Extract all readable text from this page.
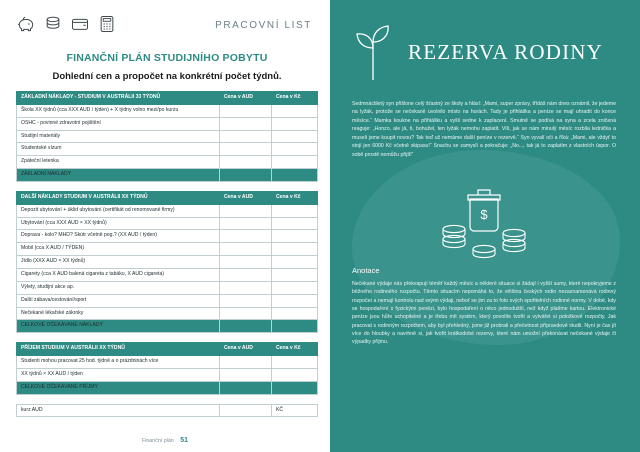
PRACOVNÍ LIST
FINANČNÍ PLÁN STUDIJNÍHO POBYTU
Dohlední cen a propočet na konkrétní počet týdnů.
ZÁKLADNÍ NÁKLADY - STUDIUM V AUSTRÁLII 33 TÝDNŮ	Cena v AUD	Cena v Kč
Škola XX týdnů (cca XXX AUD / týden) + X týdny volno mezi/po kurzu		
OSHC - povinné zdravotní pojištění		
Studijní materiály		
Studentské vízum		
Zpáteční letenka		
ZÁKLADNÍ NÁKLADY		
DALŠÍ NÁKLADY STUDIUM V AUSTRÁLII XX TÝDNŮ	Cena v AUD	Cena v Kč
Depozit ubytování + úklid ubytování (certifikát od renomované firmy)		
Ubytování (cca XXX AUD × XX týdnů)		
Doprava - kolo? MHD? Skútr včetně pog.? (XX AUD / týden)		
Mobil (cca X AUD / TÝDEN)		
Jídlo (XXX AUD × XX týdnů)		
Cigarety (cca X AUD balená cigareta z tabáku, X AUD cigaretа)		
Výlety, studijní akce ap.		
Další zábava/cestování/sport		
Nečekané lékařské zákroky		
CELKOVÉ OČEKÁVANÉ NÁKLADY		
PŘÍJEM STUDIUM V AUSTRÁLII XX TÝDNŮ	Cena v AUD	Cena v Kč
Studenti mohou pracovat 25 hod. týdně a o prázdninách více		
XX týdnů × XX AUD / týden		
CELKOVÉ OČEKÁVANÉ PŘÍJMY		
kurz AUD		KČ
Finanční plán 51
REZERVA RODINY
Sedmnáctiletý syn přišlone celý šťastný ze školy a hlásí: „Mami, super zprávy, třídáš nám dnes oznámil, že jedeme na lyžák, protože se nečekaně uvolnilo místo na horách. Tady je přihláška a peníze se mají uhradit do konce měsíce.“ Mamka koukne na přihlášku a vyšli sedne k zaplacení. Smutně se podívá na syna a zcela zničená reaguje: „Honzo, ale já, ti, bohužel, ten lyžák nemohu zaplatit. Víš, jak se nám minulý měsíc rozbila lednička a museli jsme koupit novou? Tak teď už nemáme další peníze v rezervě.“ Syn vyvalí oči a říká: „Mami, ale vždyť to stojí jen 6000 Kč včetně skipasu!“ Snachu se zamyslí a pokračuje: „No..., tak já to zaplatím z vlastních úspor. O sobě prostě nemůžu přijít!“
$
Anotace
Nečekané výdaje nás překvapují téměř každý měsíc a některé situace si žádají i vyšší sumy, které nepokryjeme z běžného rodinného rozpočtu. Těmto situacím nepomáhá to, že většina českých rodin nezaznamenává rodinný rozpočet a nemají kontrolu nad svými výdaji, neboť se jim za to foto svých spořitelních rodinné normy. V době, kdy se hospodaření s fyzickými penězi, bylo hospodaření o něco jednodušší, než když platíme kartou. Elektronické peníze jsou hůře uchopitelné a je třeba mít systém, který povolíte tvořit a vytvářet si položkové rozpočty. Jak pracovat s rodinným rozpočtem, aby byl přehledný, jsme již probrali a přečetnost přípravdové studii. Nyní je čas jít více do hloubky a navrhně si, jak tvořit krátkodobé rezervy, které nám umožní překonávat nečekané výdaje či výpadky příjmu.
